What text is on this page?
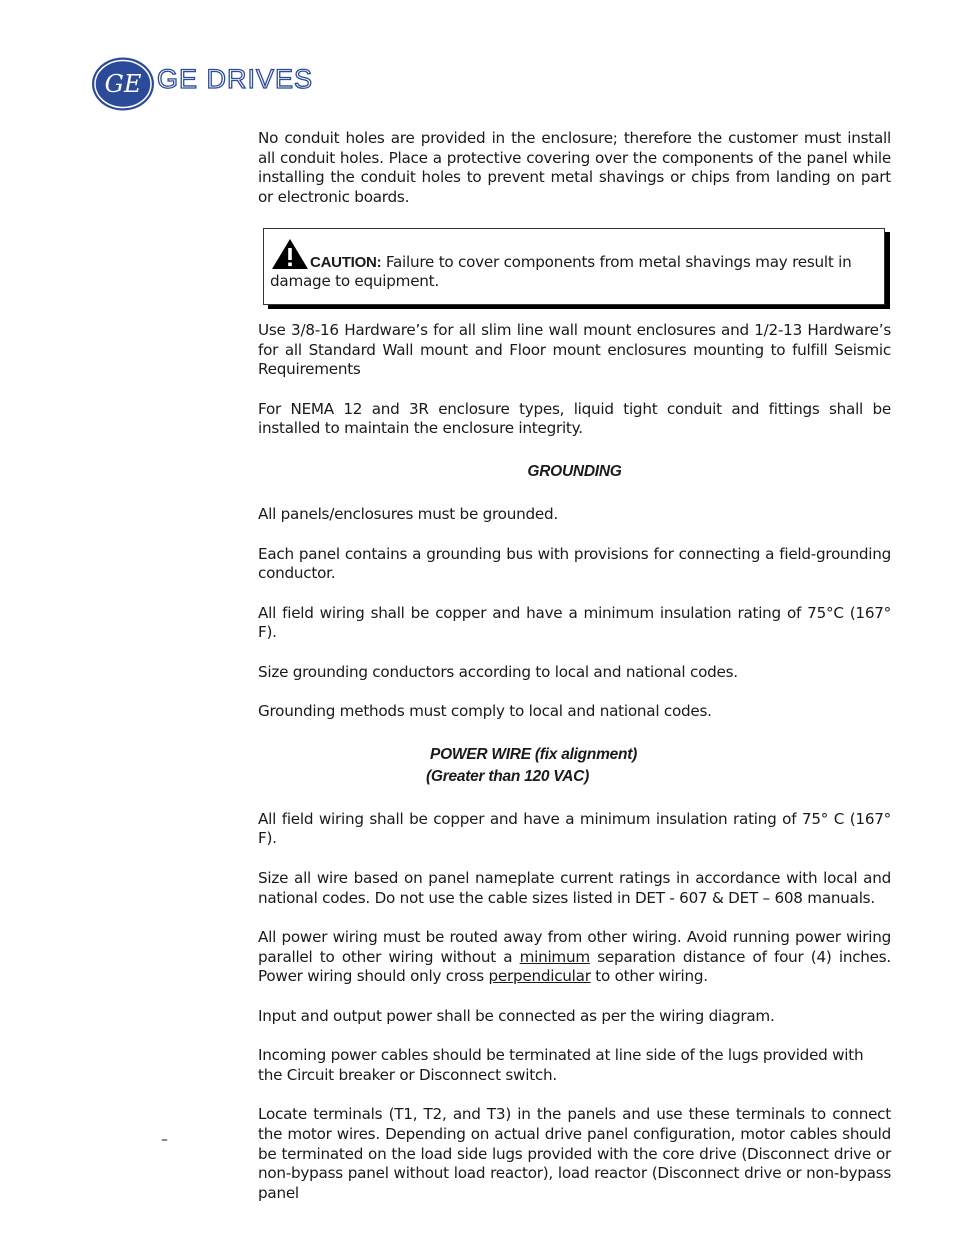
GE GE DRIVES

No conduit holes are provided in the enclosure; therefore the customer must install all conduit holes. Place a protective covering over the components of the panel while installing the conduit holes to prevent metal shavings or chips from landing on part or electronic boards.

CAUTION: Failure to cover components from metal shavings may result in damage to equipment.

Use 3/8-16 Hardware’s for all slim line wall mount enclosures and 1/2-13 Hardware’s for all Standard Wall mount and Floor mount enclosures mounting to fulfill Seismic Requirements

For NEMA 12 and 3R enclosure types, liquid tight conduit and fittings shall be installed to maintain the enclosure integrity.

GROUNDING

All panels/enclosures must be grounded.

Each panel contains a grounding bus with provisions for connecting a field-grounding conductor.

All field wiring shall be copper and have a minimum insulation rating of 75°C (167° F).

Size grounding conductors according to local and national codes.

Grounding methods must comply to local and national codes.

POWER WIRE (fix alignment)
(Greater than 120 VAC)

All field wiring shall be copper and have a minimum insulation rating of 75° C (167° F).

Size all wire based on panel nameplate current ratings in accordance with local and national codes. Do not use the cable sizes listed in DET - 607 & DET – 608 manuals.

All power wiring must be routed away from other wiring. Avoid running power wiring parallel to other wiring without a minimum separation distance of four (4) inches. Power wiring should only cross perpendicular to other wiring.

Input and output power shall be connected as per the wiring diagram.

Incoming power cables should be terminated at line side of the lugs provided with the Circuit breaker or Disconnect switch.

Locate terminals (T1, T2, and T3) in the panels and use these terminals to connect the motor wires. Depending on actual drive panel configuration, motor cables should be terminated on the load side lugs provided with the core drive (Disconnect drive or non-bypass panel without load reactor), load reactor (Disconnect drive or non-bypass panel

–
